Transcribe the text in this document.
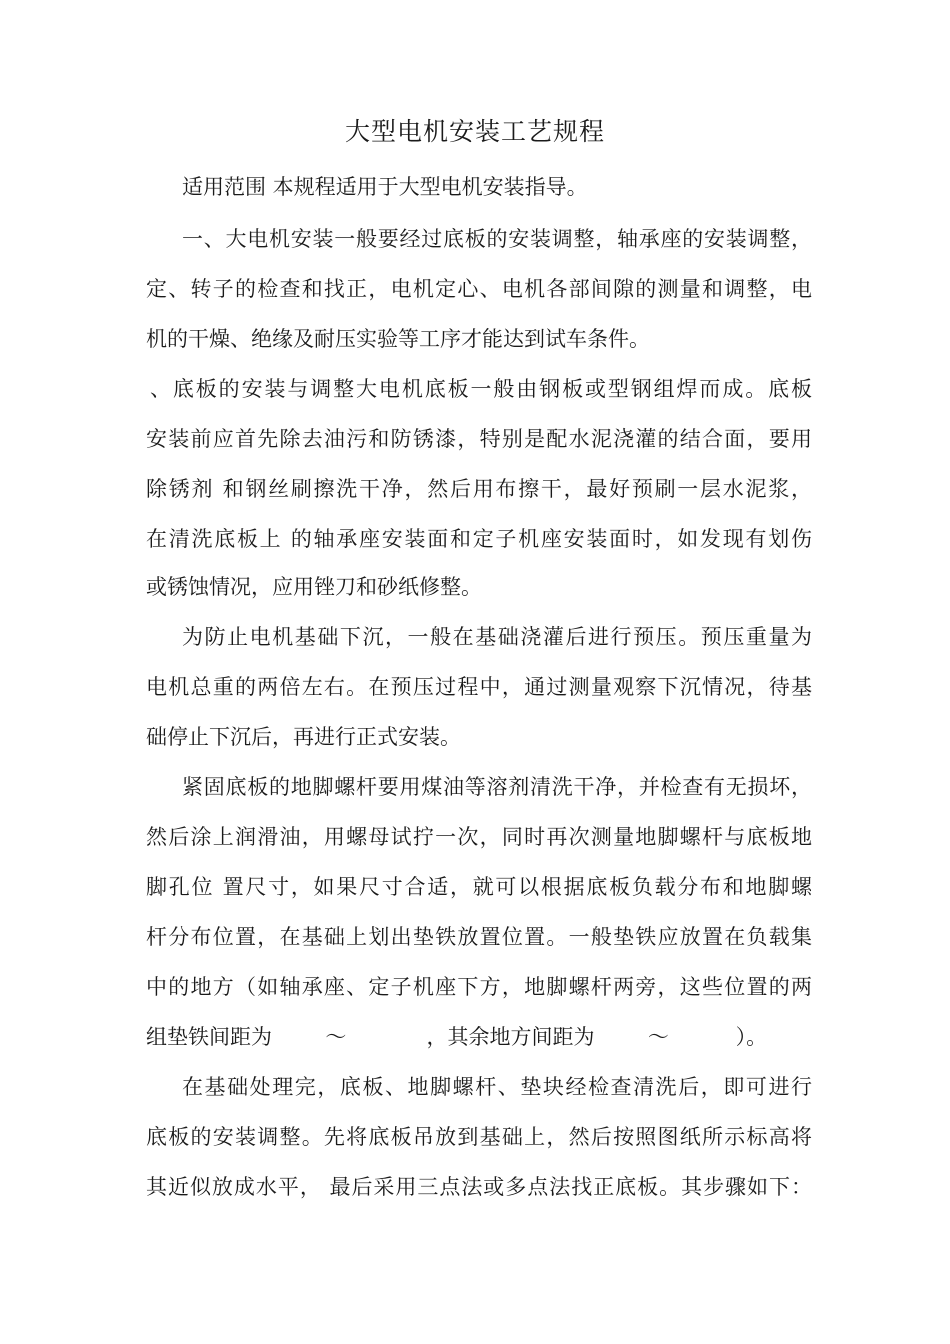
大型电机安装工艺规程
适用范围 本规程适用于大型电机安装指导。
一、大电机安装一般要经过底板的安装调整，轴承座的安装调整，
定、转子的检查和找正，电机定心、电机各部间隙的测量和调整，电
机的干燥、绝缘及耐压实验等工序才能达到试车条件。
、底板的安装与调整大电机底板一般由钢板或型钢组焊而成。底板
安装前应首先除去油污和防锈漆，特别是配水泥浇灌的结合面，要用
除锈剂 和钢丝刷擦洗干净，然后用布擦干，最好预刷一层水泥浆，
在清洗底板上 的轴承座安装面和定子机座安装面时，如发现有划伤
或锈蚀情况，应用锉刀和砂纸修整。
为防止电机基础下沉，一般在基础浇灌后进行预压。预压重量为
电机总重的两倍左右。在预压过程中，通过测量观察下沉情况，待基
础停止下沉后，再进行正式安装。
紧固底板的地脚螺杆要用煤油等溶剂清洗干净，并检查有无损坏，
然后涂上润滑油，用螺母试拧一次，同时再次测量地脚螺杆与底板地
脚孔位 置尺寸，如果尺寸合适，就可以根据底板负载分布和地脚螺
杆分布位置，在基础上划出垫铁放置位置。一般垫铁应放置在负载集
中的地方（如轴承座、定子机座下方，地脚螺杆两旁，这些位置的两
组垫铁间距为        ～            ，其余地方间距为        ～          ）。
在基础处理完，底板、地脚螺杆、垫块经检查清洗后，即可进行
底板的安装调整。先将底板吊放到基础上，然后按照图纸所示标高将
其近似放成水平， 最后采用三点法或多点法找正底板。其步骤如下：
